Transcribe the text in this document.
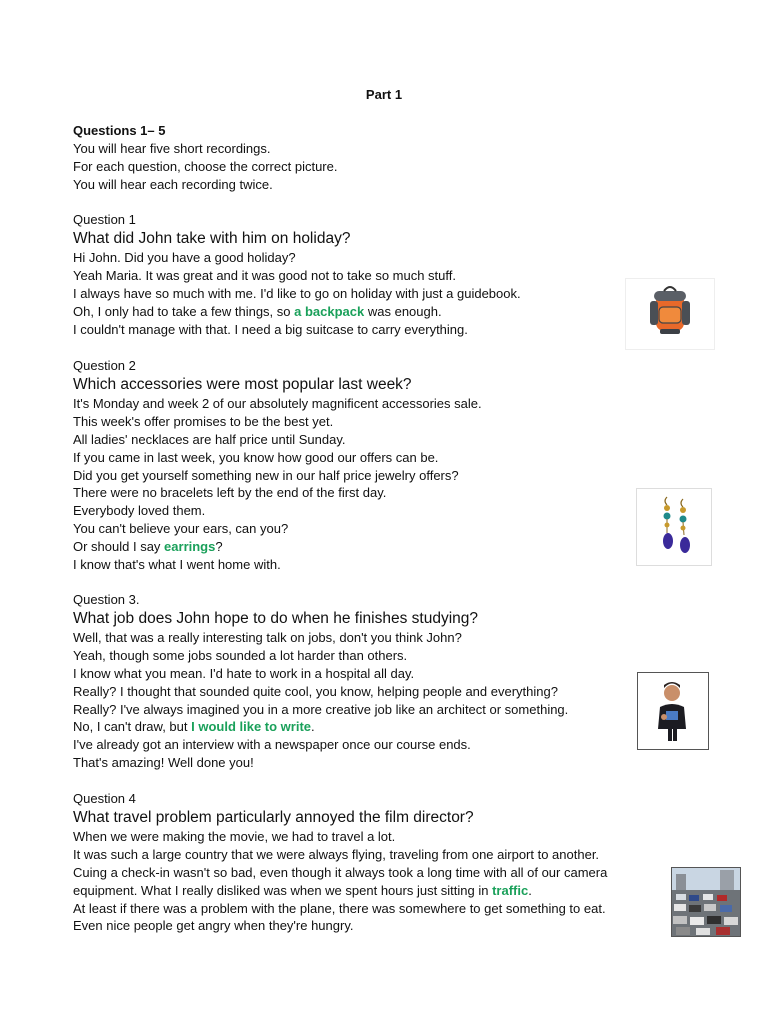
Part 1
Questions 1– 5
You will hear five short recordings.
For each question, choose the correct picture.
You will hear each recording twice.
Question 1
What did John take with him on holiday?
Hi John. Did you have a good holiday?
Yeah Maria. It was great and it was good not to take so much stuff.
I always have so much with me. I'd like to go on holiday with just a guidebook.
Oh, I only had to take a few things, so a backpack was enough.
I couldn't manage with that. I need a big suitcase to carry everything.
Question 2
Which accessories were most popular last week?
It's Monday and week 2 of our absolutely magnificent accessories sale.
This week's offer promises to be the best yet.
All ladies' necklaces are half price until Sunday.
If you came in last week, you know how good our offers can be.
Did you get yourself something new in our half price jewelry offers?
There were no bracelets left by the end of the first day.
Everybody loved them.
You can't believe your ears, can you?
Or should I say earrings?
I know that's what I went home with.
Question 3.
What job does John hope to do when he finishes studying?
Well, that was a really interesting talk on jobs, don't you think John?
Yeah, though some jobs sounded a lot harder than others.
I know what you mean. I'd hate to work in a hospital all day.
Really? I thought that sounded quite cool, you know, helping people and everything?
Really? I've always imagined you in a more creative job like an architect or something.
No, I can't draw, but I would like to write.
I've already got an interview with a newspaper once our course ends.
That's amazing! Well done you!
Question 4
What travel problem particularly annoyed the film director?
When we were making the movie, we had to travel a lot.
It was such a large country that we were always flying, traveling from one airport to another.
Cuing a check-in wasn't so bad, even though it always took a long time with all of our camera
equipment. What I really disliked was when we spent hours just sitting in traffic.
At least if there was a problem with the plane, there was somewhere to get something to eat.
Even nice people get angry when they're hungry.
